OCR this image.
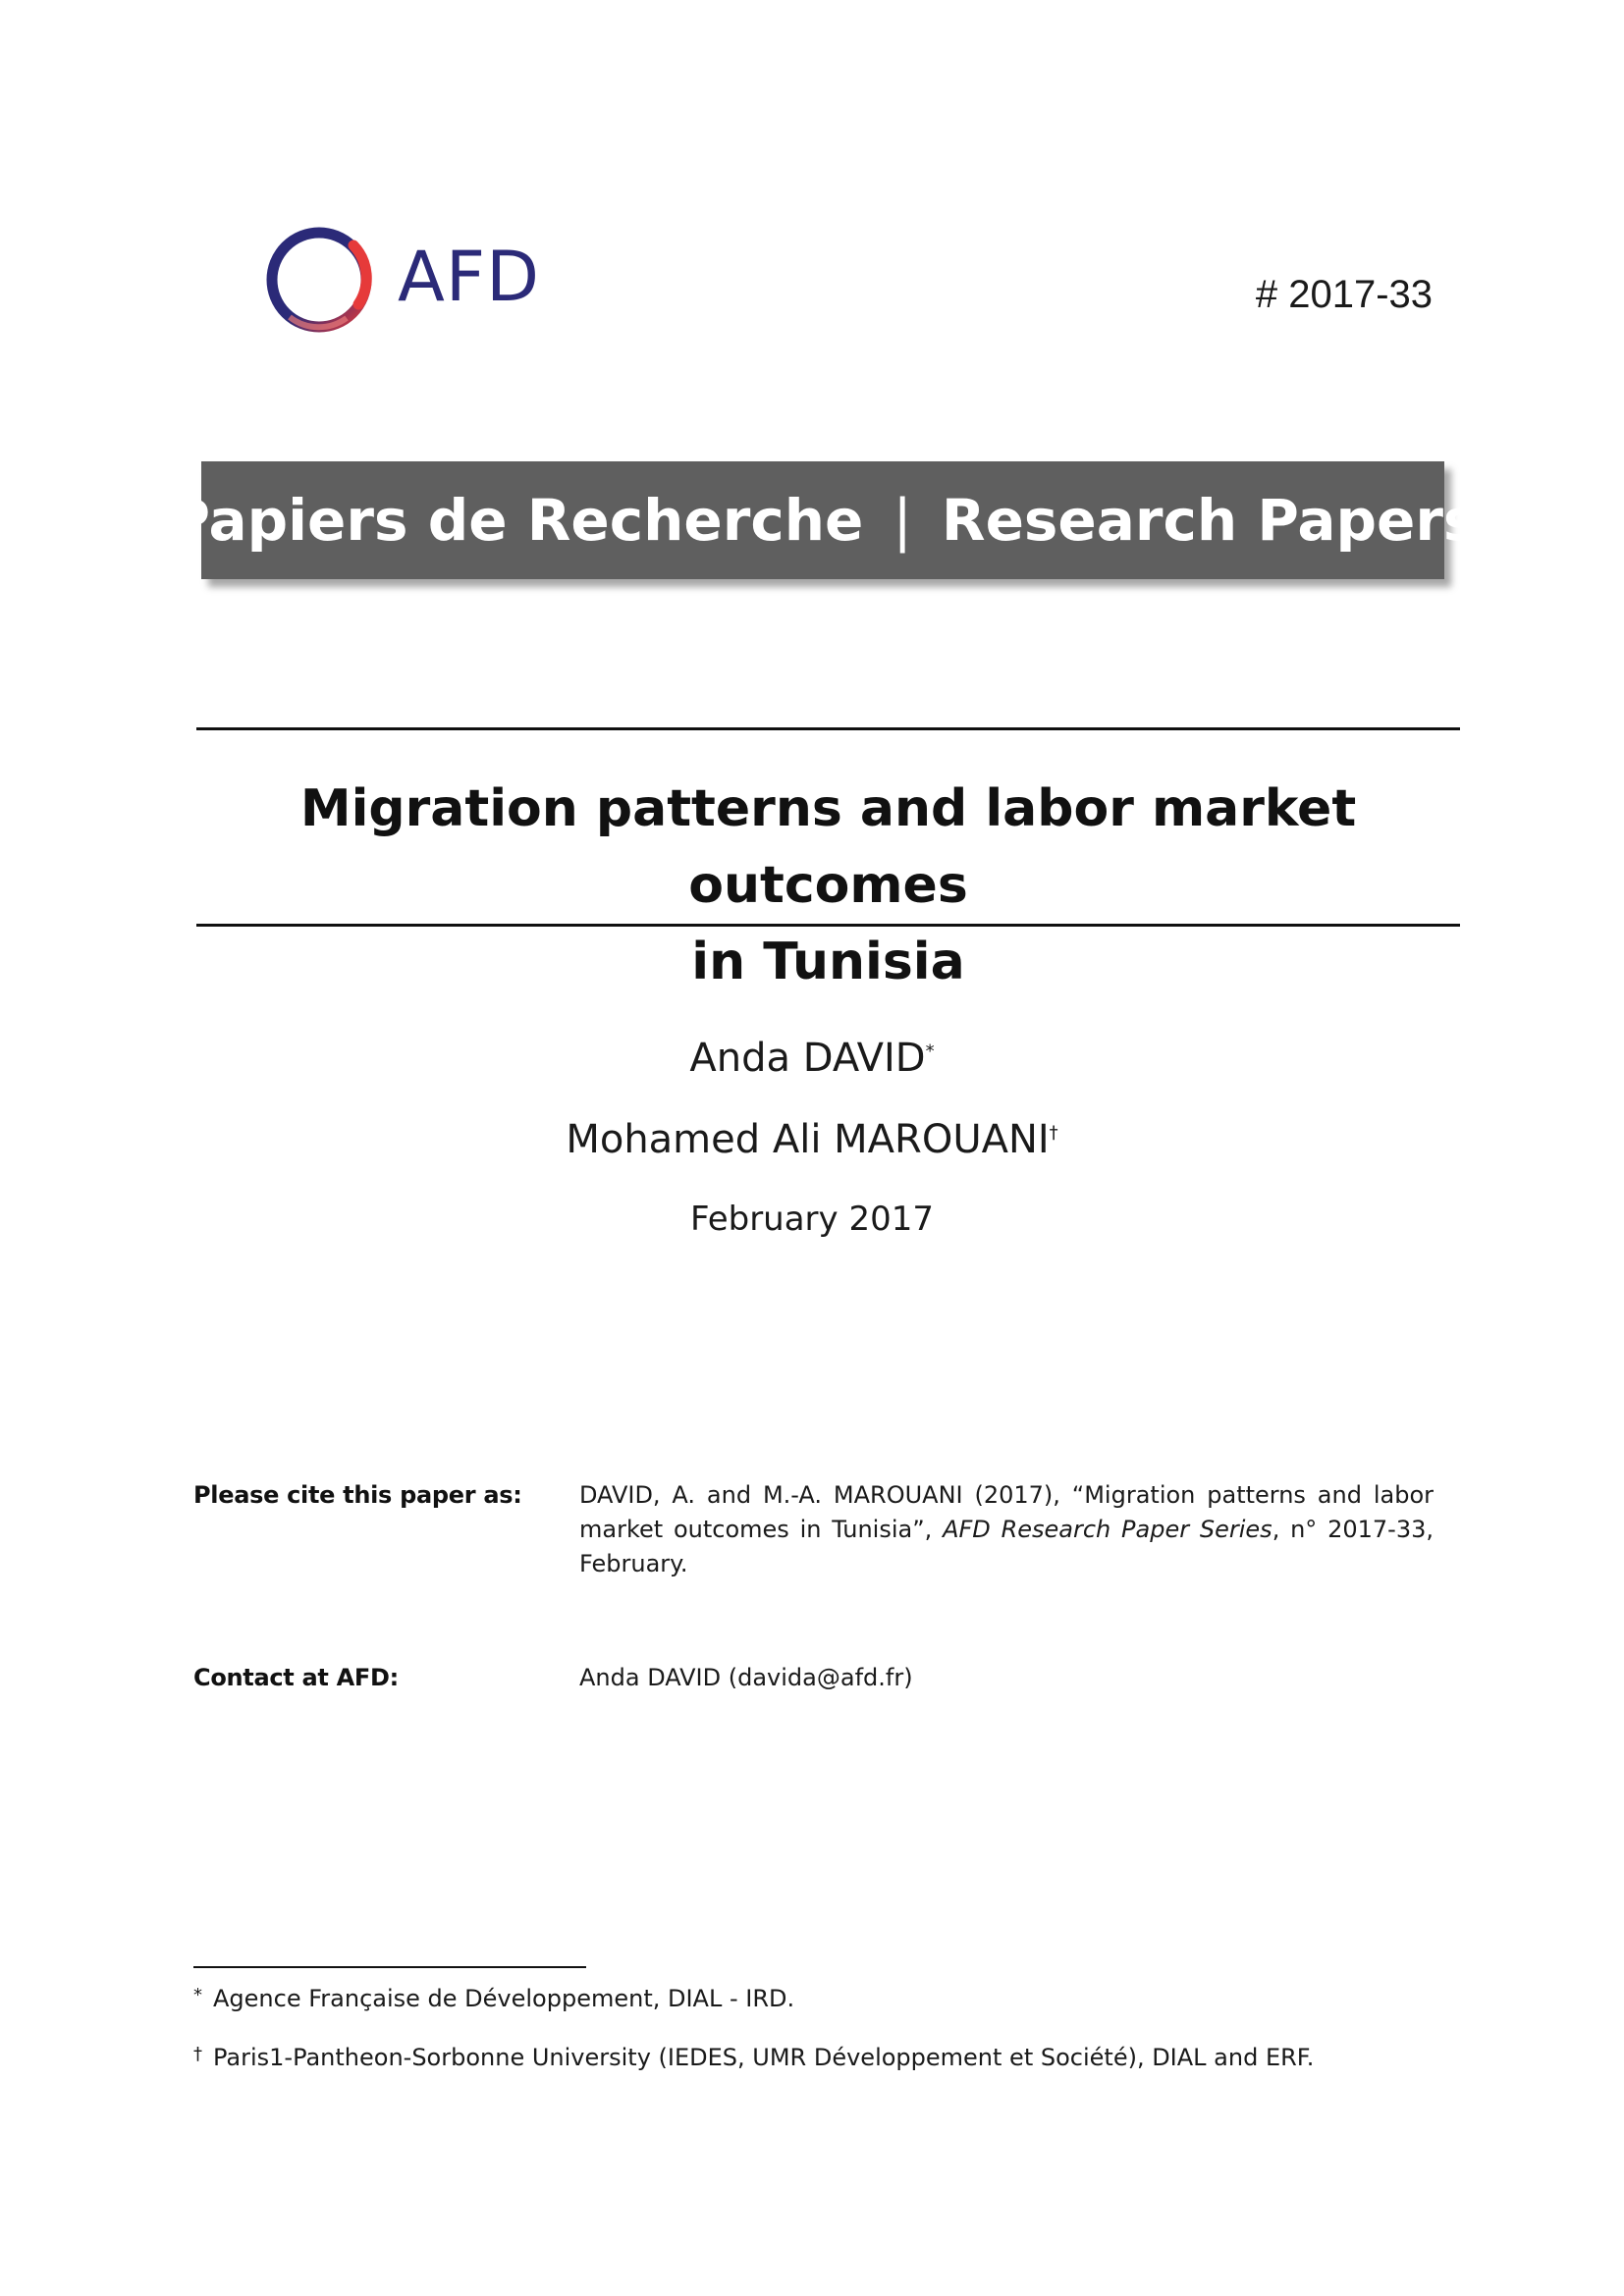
AFD	# 2017-33
Papiers de Recherche | Research Papers
Migration patterns and labor market outcomes
in Tunisia
Anda DAVID*
Mohamed Ali MAROUANI†
February 2017
Please cite this paper as: DAVID, A. and M.-A. MAROUANI (2017), “Migration patterns and labor market outcomes in Tunisia”, AFD Research Paper Series, n° 2017-33, February.
Contact at AFD:	Anda DAVID (davida@afd.fr)
* Agence Française de Développement, DIAL - IRD.
† Paris1-Pantheon-Sorbonne University (IEDES, UMR Développement et Société), DIAL and ERF.
